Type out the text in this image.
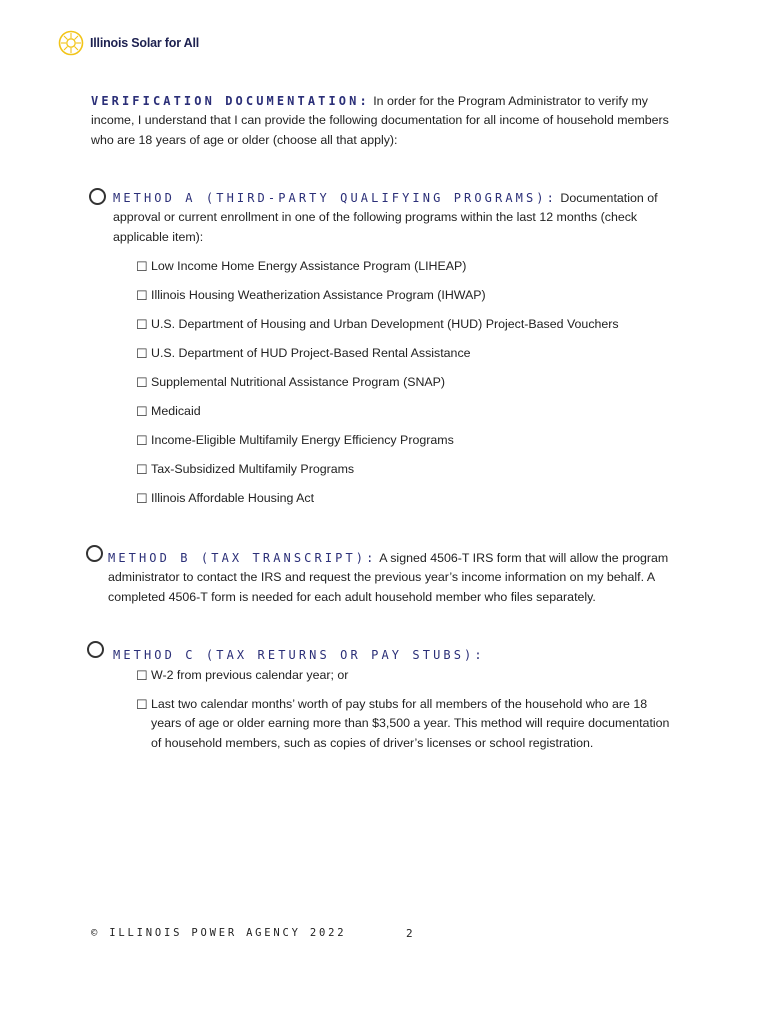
Illinois Solar for All
VERIFICATION DOCUMENTATION: In order for the Program Administrator to verify my income, I understand that I can provide the following documentation for all income of household members who are 18 years of age or older (choose all that apply):
METHOD A (THIRD-PARTY QUALIFYING PROGRAMS): Documentation of approval or current enrollment in one of the following programs within the last 12 months (check applicable item):
☐ Low Income Home Energy Assistance Program (LIHEAP)
☐ Illinois Housing Weatherization Assistance Program (IHWAP)
☐ U.S. Department of Housing and Urban Development (HUD) Project-Based Vouchers
☐ U.S. Department of HUD Project-Based Rental Assistance
☐ Supplemental Nutritional Assistance Program (SNAP)
☐ Medicaid
☐ Income-Eligible Multifamily Energy Efficiency Programs
☐ Tax-Subsidized Multifamily Programs
☐ Illinois Affordable Housing Act
METHOD B (TAX TRANSCRIPT): A signed 4506-T IRS form that will allow the program administrator to contact the IRS and request the previous year’s income information on my behalf. A completed 4506-T form is needed for each adult household member who files separately.
METHOD C (TAX RETURNS OR PAY STUBS):
☐ W-2 from previous calendar year; or
☐ Last two calendar months’ worth of pay stubs for all members of the household who are 18 years of age or older earning more than $3,500 a year. This method will require documentation of household members, such as copies of driver’s licenses or school registration.
© ILLINOIS POWER AGENCY 2022	2
